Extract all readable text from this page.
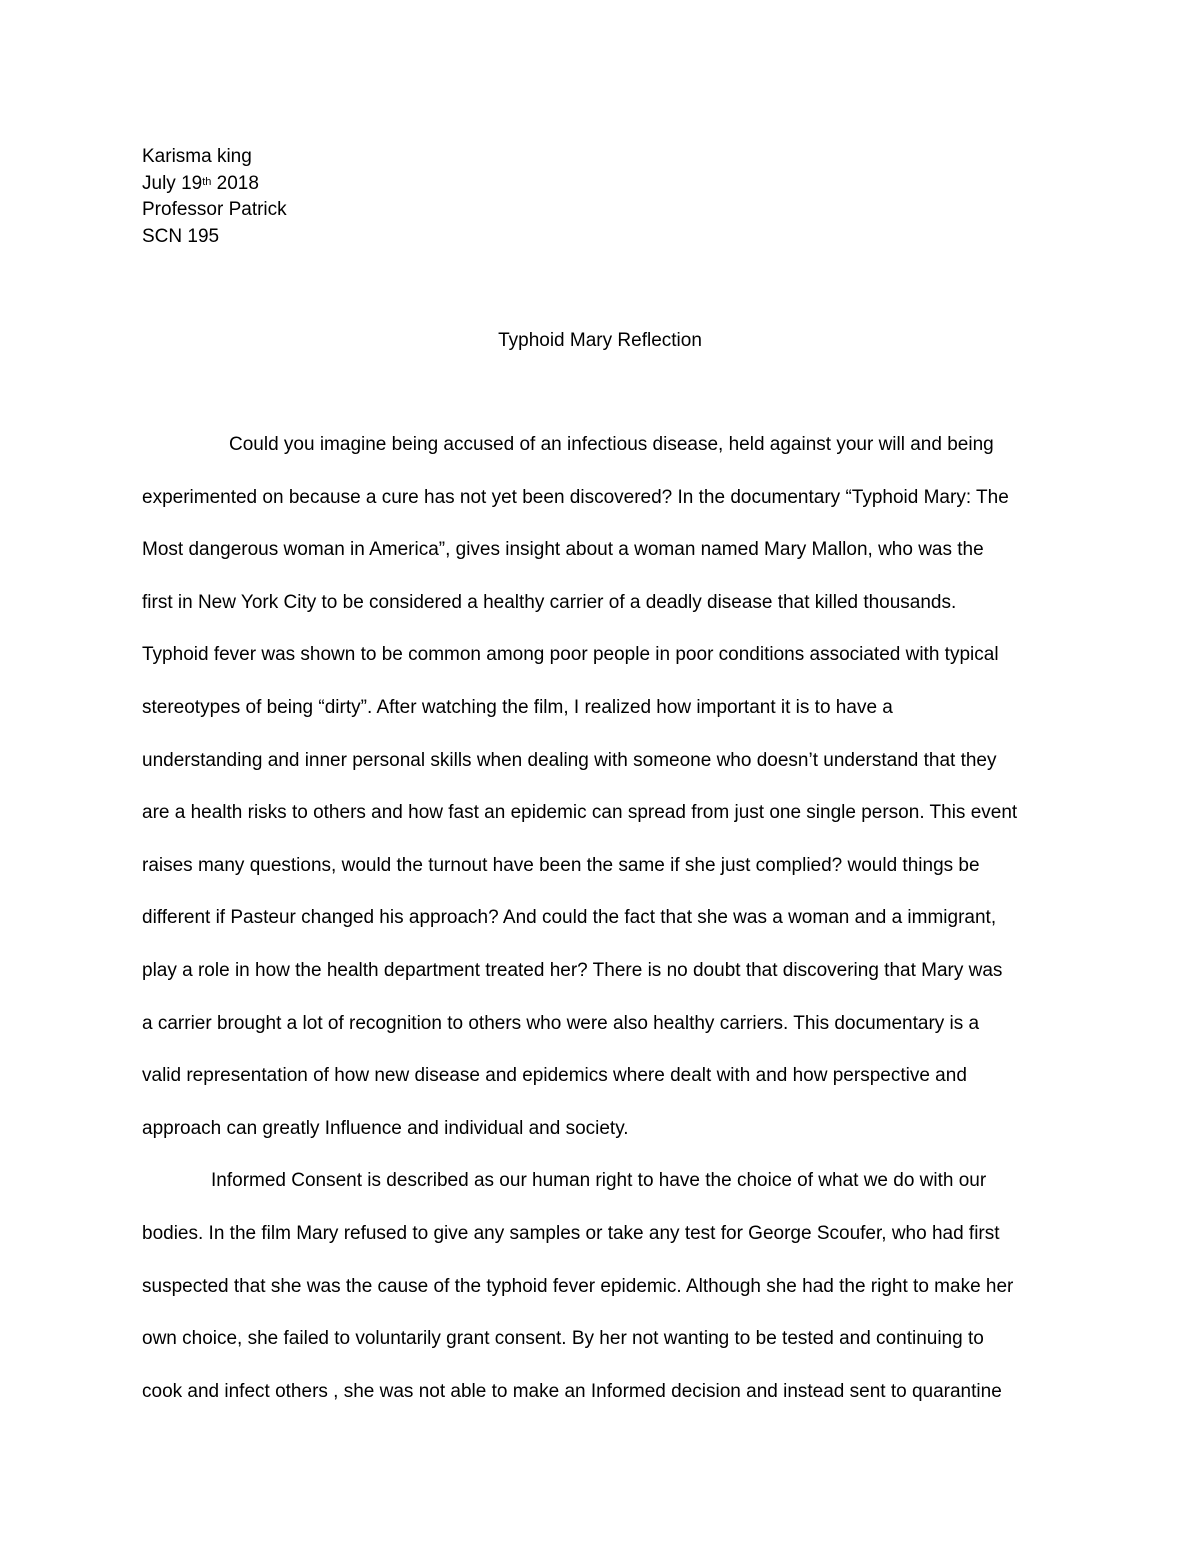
Karisma king
July 19th 2018
Professor Patrick
SCN 195
Typhoid Mary Reflection
Could you imagine being accused of an infectious disease, held against your will and being
experimented on because a cure has not yet been discovered? In the documentary “Typhoid Mary: The
Most dangerous woman in America”, gives insight about a woman named Mary Mallon, who was the
first in New York City to be considered a healthy carrier of a deadly disease that killed thousands.
Typhoid fever was shown to be common among poor people in poor conditions associated with typical
stereotypes of being “dirty”. After watching the film, I realized how important it is to have a
understanding and inner personal skills when dealing with someone who doesn’t understand that they
are a health risks to others and how fast an epidemic can spread from just one single person. This event
raises many questions, would the turnout have been the same if she just complied? would things be
different if Pasteur changed his approach? And could the fact that she was a woman and a immigrant,
play a role in how the health department treated her? There is no doubt that discovering that Mary was
a carrier brought a lot of recognition to others who were also healthy carriers. This documentary is a
valid representation of how new disease and epidemics where dealt with and how perspective and
approach can greatly Influence and individual and society.
Informed Consent is described as our human right to have the choice of what we do with our
bodies. In the film Mary refused to give any samples or take any test for George Scoufer, who had first
suspected that she was the cause of the typhoid fever epidemic. Although she had the right to make her
own choice, she failed to voluntarily grant consent. By her not wanting to be tested and continuing to
cook and infect others , she was not able to make an Informed decision and instead sent to quarantine
